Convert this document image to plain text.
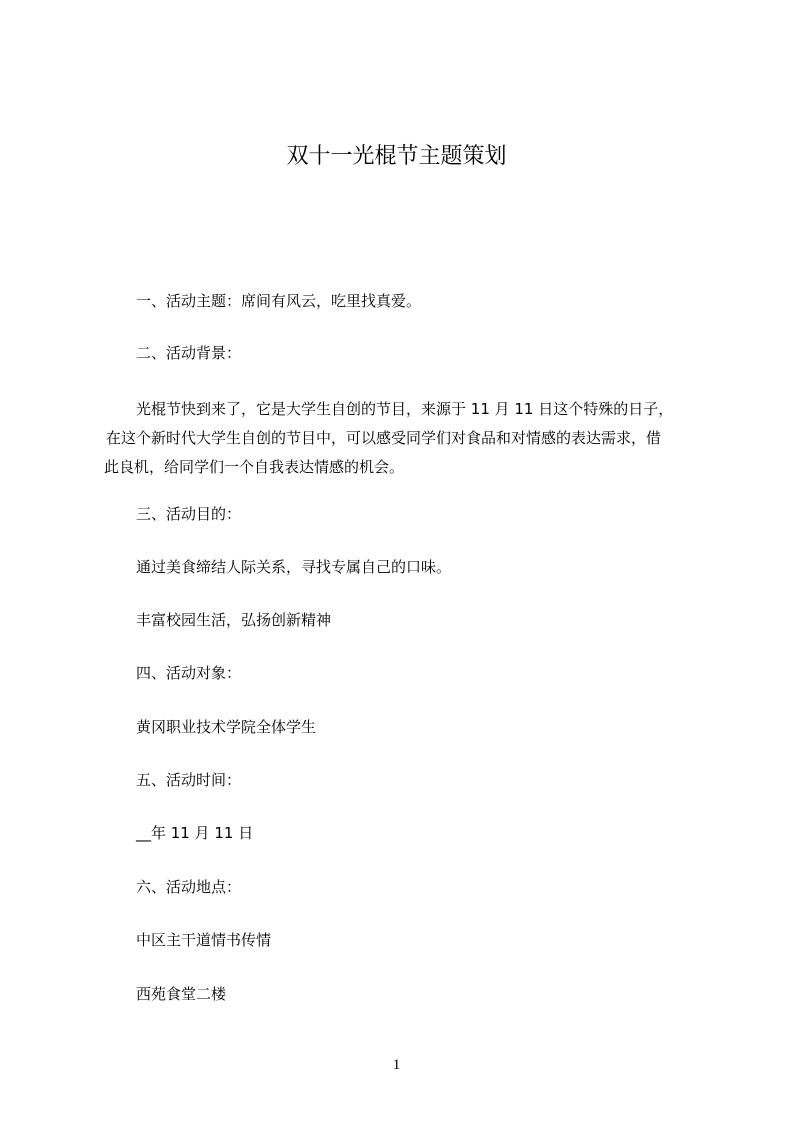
双十一光棍节主题策划

一、活动主题：席间有风云，吃里找真爱。

二、活动背景：

光棍节快到来了，它是大学生自创的节目，来源于 11 月 11 日这个特殊的日子，
在这个新时代大学生自创的节目中，可以感受同学们对食品和对情感的表达需求，借
此良机，给同学们一个自我表达情感的机会。

三、活动目的：

通过美食缔结人际关系，寻找专属自己的口味。

丰富校园生活，弘扬创新精神

四、活动对象：

黄冈职业技术学院全体学生

五、活动时间：

__年 11 月 11 日

六、活动地点：

中区主干道情书传情

西苑食堂二楼

1
